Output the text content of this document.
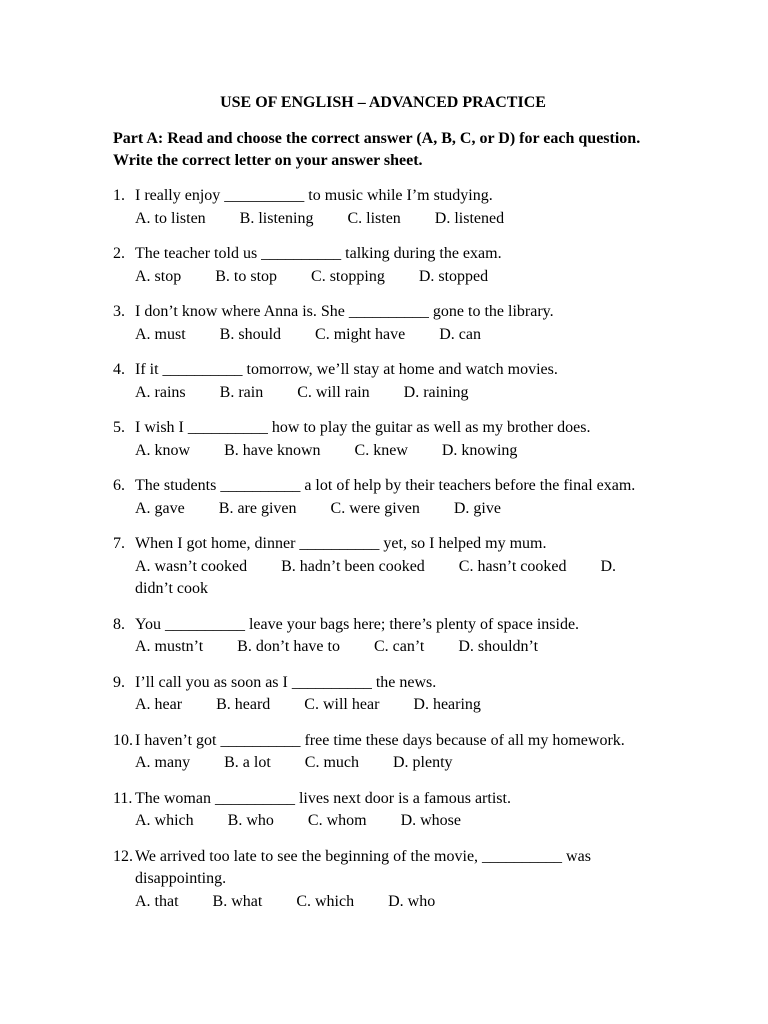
USE OF ENGLISH – ADVANCED PRACTICE
Part A: Read and choose the correct answer (A, B, C, or D) for each question.
Write the correct letter on your answer sheet.
1. I really enjoy __________ to music while I’m studying.
A. to listen B. listening C. listen D. listened
2. The teacher told us __________ talking during the exam.
A. stop B. to stop C. stopping D. stopped
3. I don’t know where Anna is. She __________ gone to the library.
A. must B. should C. might have D. can
4. If it __________ tomorrow, we’ll stay at home and watch movies.
A. rains B. rain C. will rain D. raining
5. I wish I __________ how to play the guitar as well as my brother does.
A. know B. have known C. knew D. knowing
6. The students __________ a lot of help by their teachers before the final exam.
A. gave B. are given C. were given D. give
7. When I got home, dinner __________ yet, so I helped my mum.
A. wasn’t cooked B. hadn’t been cooked C. hasn’t cooked D. didn’t cook
8. You __________ leave your bags here; there’s plenty of space inside.
A. mustn’t B. don’t have to C. can’t D. shouldn’t
9. I’ll call you as soon as I __________ the news.
A. hear B. heard C. will hear D. hearing
10. I haven’t got __________ free time these days because of all my homework.
A. many B. a lot C. much D. plenty
11. The woman __________ lives next door is a famous artist.
A. which B. who C. whom D. whose
12. We arrived too late to see the beginning of the movie, __________ was disappointing.
A. that B. what C. which D. who
